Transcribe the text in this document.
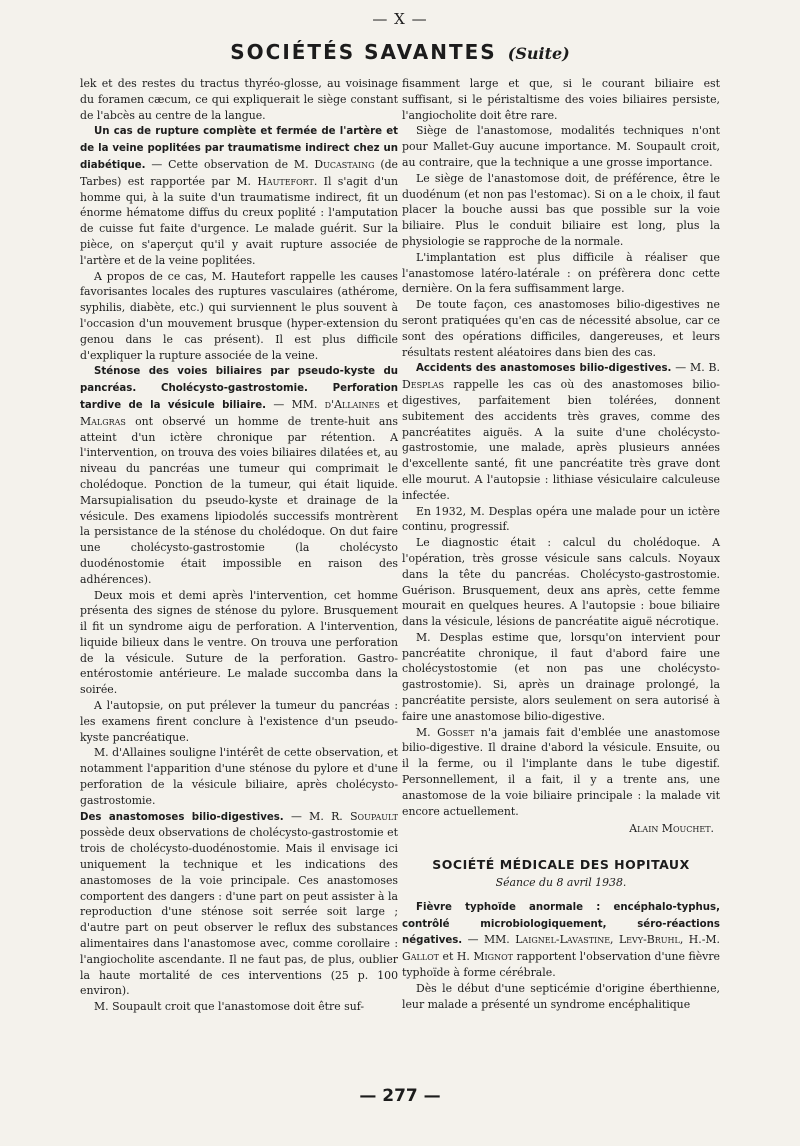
— X —
SOCIÉTÉS SAVANTES (Suite)

lek et des restes du tractus thyréo-glosse, au voisinage du foramen cæcum, ce qui expliquerait le siège constant de l'abcès au centre de la langue.

Un cas de rupture complète et fermée de l'artère et de la veine poplitées par traumatisme indirect chez un diabétique. — Cette observation de M. Ducastaing (de Tarbes) est rapportée par M. Hautefort. Il s'agit d'un homme qui, à la suite d'un traumatisme indirect, fit un énorme hématome diffus du creux poplité : l'amputation de cuisse fut faite d'urgence. Le malade guérit. Sur la pièce, on s'aperçut qu'il y avait rupture associée de l'artère et de la veine poplitées.

A propos de ce cas, M. Hautefort rappelle les causes favorisantes locales des ruptures vasculaires (athérome, syphilis, diabète, etc.) qui surviennent le plus souvent à l'occasion d'un mouvement brusque (hyper-extension du genou dans le cas présent). Il est plus difficile d'expliquer la rupture associée de la veine.

Sténose des voies biliaires par pseudo-kyste du pancréas. Cholécysto-gastrostomie. Perforation tardive de la vésicule biliaire. — MM. d'Allaines et Malgras ont observé un homme de trente-huit ans atteint d'un ictère chronique par rétention. A l'intervention, on trouva des voies biliaires dilatées et, au niveau du pancréas une tumeur qui comprimait le cholédoque. Ponction de la tumeur, qui était liquide. Marsupialisation du pseudo-kyste et drainage de la vésicule. Des examens lipiodolés successifs montrèrent la persistance de la sténose du cholédoque. On dut faire une cholécysto-gastrostomie (la cholécysto duodénostomie était impossible en raison des adhérences).

Deux mois et demi après l'intervention, cet homme présenta des signes de sténose du pylore. Brusquement il fit un syndrome aigu de perforation. A l'intervention, liquide bilieux dans le ventre. On trouva une perforation de la vésicule. Suture de la perforation. Gastro-entérostomie antérieure. Le malade succomba dans la soirée.

A l'autopsie, on put prélever la tumeur du pancréas : les examens firent conclure à l'existence d'un pseudo-kyste pancréatique.

M. d'Allaines souligne l'intérêt de cette observation, et notamment l'apparition d'une sténose du pylore et d'une perforation de la vésicule biliaire, après cholécysto-gastrostomie.

Des anastomoses bilio-digestives. — M. R. Soupault possède deux observations de cholécysto-gastrostomie et trois de cholécysto-duodénostomie. Mais il envisage ici uniquement la technique et les indications des anastomoses de la voie principale. Ces anastomoses comportent des dangers : d'une part on peut assister à la reproduction d'une sténose soit serrée soit large ; d'autre part on peut observer le reflux des substances alimentaires dans l'anastomose avec, comme corollaire : l'angiocholite ascendante. Il ne faut pas, de plus, oublier la haute mortalité de ces interventions (25 p. 100 environ).

M. Soupault croit que l'anastomose doit être suf-

fisamment large et que, si le courant biliaire est suffisant, si le péristaltisme des voies biliaires persiste, l'angiocholite doit être rare.

Siège de l'anastomose, modalités techniques n'ont pour Mallet-Guy aucune importance. M. Soupault croit, au contraire, que la technique a une grosse importance.

Le siège de l'anastomose doit, de préférence, être le duodénum (et non pas l'estomac). Si on a le choix, il faut placer la bouche aussi bas que possible sur la voie biliaire. Plus le conduit biliaire est long, plus la physiologie se rapproche de la normale.

L'implantation est plus difficile à réaliser que l'anastomose latéro-latérale : on préfèrera donc cette dernière. On la fera suffisamment large.

De toute façon, ces anastomoses bilio-digestives ne seront pratiquées qu'en cas de nécessité absolue, car ce sont des opérations difficiles, dangereuses, et leurs résultats restent aléatoires dans bien des cas.

Accidents des anastomoses bilio-digestives. — M. B. Desplas rappelle les cas où des anastomoses bilio-digestives, parfaitement bien tolérées, donnent subitement des accidents très graves, comme des pancréatites aiguës. A la suite d'une cholécysto-gastrostomie, une malade, après plusieurs années d'excellente santé, fit une pancréatite très grave dont elle mourut. A l'autopsie : lithiase vésiculaire calculeuse infectée.

En 1932, M. Desplas opéra une malade pour un ictère continu, progressif.

Le diagnostic était : calcul du cholédoque. A l'opération, très grosse vésicule sans calculs. Noyaux dans la tête du pancréas. Cholécysto-gastrostomie. Guérison. Brusquement, deux ans après, cette femme mourait en quelques heures. A l'autopsie : boue biliaire dans la vésicule, lésions de pancréatite aiguë nécrotique.

M. Desplas estime que, lorsqu'on intervient pour pancréatite chronique, il faut d'abord faire une cholécystostomie (et non pas une cholécysto-gastrostomie). Si, après un drainage prolongé, la pancréatite persiste, alors seulement on sera autorisé à faire une anastomose bilio-digestive.

M. Gosset n'a jamais fait d'emblée une anastomose bilio-digestive. Il draine d'abord la vésicule. Ensuite, ou il la ferme, ou il l'implante dans le tube digestif. Personnellement, il a fait, il y a trente ans, une anastomose de la voie biliaire principale : la malade vit encore actuellement.

Alain Mouchet.

SOCIÉTÉ MÉDICALE DES HOPITAUX

Séance du 8 avril 1938.

Fièvre typhoïde anormale : encéphalo-typhus, contrôlé microbiologiquement, séro-réactions négatives. — MM. Laignel-Lavastine, Levy-Bruhl, H.-M. Gallot et H. Mignot rapportent l'observation d'une fièvre typhoïde à forme cérébrale.

Dès le début d'une septicémie d'origine éberthienne, leur malade a présenté un syndrome encéphalitique

— 277 —
